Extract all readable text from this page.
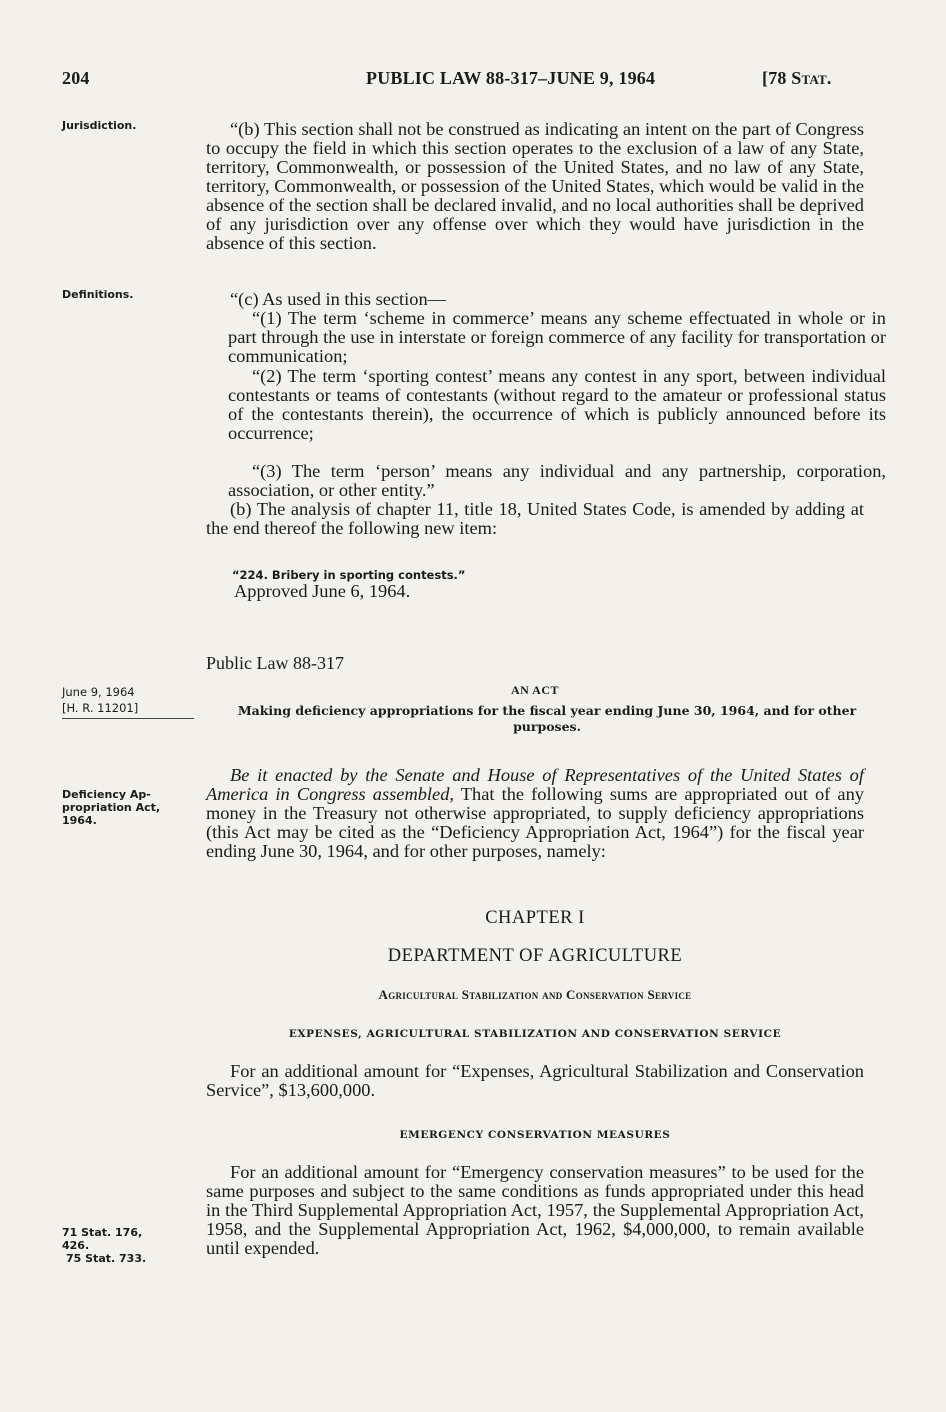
204	PUBLIC LAW 88-317–JUNE 9, 1964	[78 Stat.
Jurisdiction.
Definitions.
“(b) This section shall not be construed as indicating an intent on the part of Congress to occupy the field in which this section operates to the exclusion of a law of any State, territory, Commonwealth, or possession of the United States, and no law of any State, territory, Commonwealth, or possession of the United States, which would be valid in the absence of the section shall be declared invalid, and no local authorities shall be deprived of any jurisdiction over any offense over which they would have jurisdiction in the absence of this section.
“(c) As used in this section—
“(1) The term ‘scheme in commerce’ means any scheme effectuated in whole or in part through the use in interstate or foreign commerce of any facility for transportation or communication;
“(2) The term ‘sporting contest’ means any contest in any sport, between individual contestants or teams of contestants (without regard to the amateur or professional status of the contestants therein), the occurrence of which is publicly announced before its occurrence;
“(3) The term ‘person’ means any individual and any partnership, corporation, association, or other entity.”
(b) The analysis of chapter 11, title 18, United States Code, is amended by adding at the end thereof the following new item:
“224. Bribery in sporting contests.”
Approved June 6, 1964.
Public Law 88-317
June 9, 1964
[H. R. 11201]
AN ACT
Making deficiency appropriations for the fiscal year ending June 30, 1964, and for other purposes.
Deficiency Ap-
propriation Act,
1964.
Be it enacted by the Senate and House of Representatives of the United States of America in Congress assembled, That the following sums are appropriated out of any money in the Treasury not otherwise appropriated, to supply deficiency appropriations (this Act may be cited as the “Deficiency Appropriation Act, 1964”) for the fiscal year ending June 30, 1964, and for other purposes, namely:
CHAPTER I
DEPARTMENT OF AGRICULTURE
Agricultural Stabilization and Conservation Service
EXPENSES, AGRICULTURAL STABILIZATION AND CONSERVATION SERVICE
For an additional amount for “Expenses, Agricultural Stabilization and Conservation Service”, $13,600,000.
EMERGENCY CONSERVATION MEASURES
For an additional amount for “Emergency conservation measures” to be used for the same purposes and subject to the same conditions as funds appropriated under this head in the Third Supplemental Appropriation Act, 1957, the Supplemental Appropriation Act, 1958, and the Supplemental Appropriation Act, 1962, $4,000,000, to remain available until expended.
71 Stat. 176,
426.
75 Stat. 733.
